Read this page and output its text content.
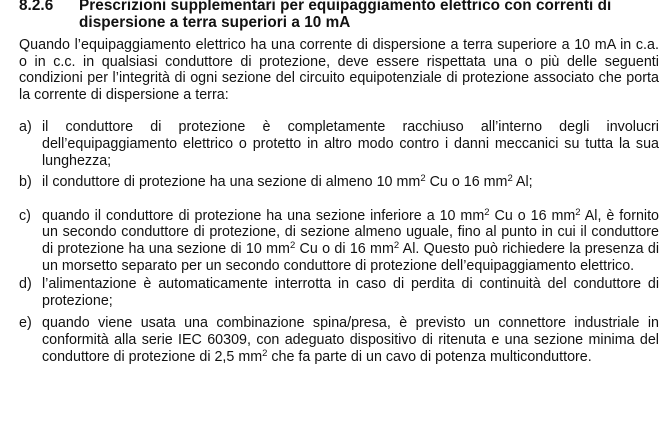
8.2.6 Prescrizioni supplementari per equipaggiamento elettrico con correnti di dispersione a terra superiori a 10 mA
Quando l’equipaggiamento elettrico ha una corrente di dispersione a terra superiore a 10 mA in c.a. o in c.c. in qualsiasi conduttore di protezione, deve essere rispettata una o più delle seguenti condizioni per l’integrità di ogni sezione del circuito equipotenziale di protezione associato che porta la corrente di dispersione a terra:
a) il conduttore di protezione è completamente racchiuso all’interno degli involucri dell’equipaggiamento elettrico o protetto in altro modo contro i danni meccanici su tutta la sua lunghezza;
b) il conduttore di protezione ha una sezione di almeno 10 $mm^2$ Cu o 16 $mm^2$ Al;
c) quando il conduttore di protezione ha una sezione inferiore a 10 $mm^2$ Cu o 16 $mm^2$ Al, è fornito un secondo conduttore di protezione, di sezione almeno uguale, fino al punto in cui il conduttore di protezione ha una sezione di 10 $mm^2$ Cu o di 16 $mm^2$ Al. Questo può richiedere la presenza di un morsetto separato per un secondo conduttore di protezione dell’equipaggiamento elettrico.
d) l’alimentazione è automaticamente interrotta in caso di perdita di continuità del conduttore di protezione;
e) quando viene usata una combinazione spina/presa, è previsto un connettore industriale in conformità alla serie IEC 60309, con adeguato dispositivo di ritenuta e una sezione minima del conduttore di protezione di 2,5 $mm^2$ che fa parte di un cavo di potenza multiconduttore.
